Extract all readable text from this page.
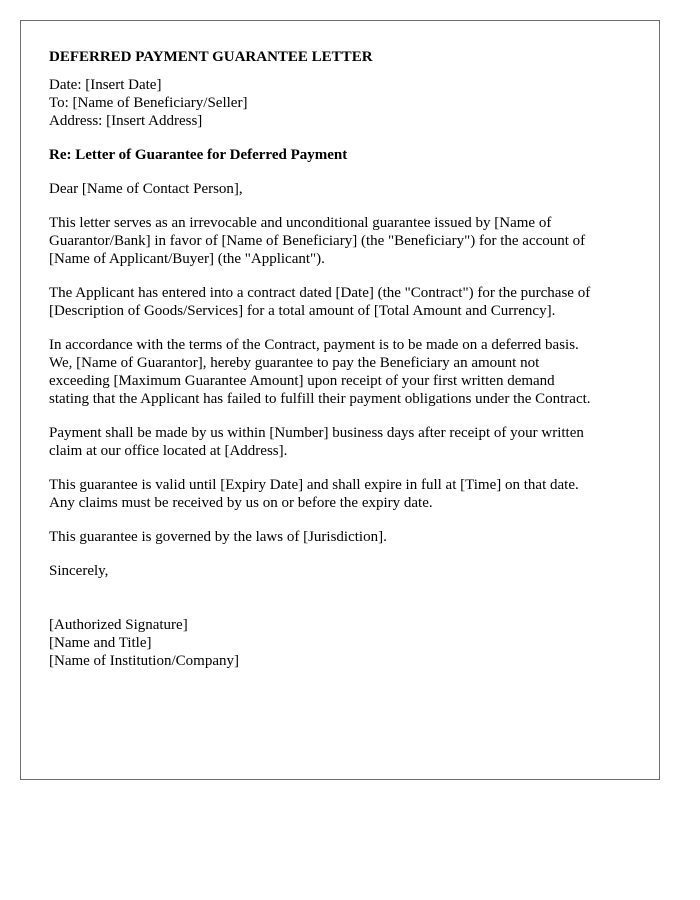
DEFERRED PAYMENT GUARANTEE LETTER
Date: [Insert Date]
To: [Name of Beneficiary/Seller]
Address: [Insert Address]
Re: Letter of Guarantee for Deferred Payment
Dear [Name of Contact Person],
This letter serves as an irrevocable and unconditional guarantee issued by [Name of
Guarantor/Bank] in favor of [Name of Beneficiary] (the "Beneficiary") for the account of
[Name of Applicant/Buyer] (the "Applicant").
The Applicant has entered into a contract dated [Date] (the "Contract") for the purchase of
[Description of Goods/Services] for a total amount of [Total Amount and Currency].
In accordance with the terms of the Contract, payment is to be made on a deferred basis.
We, [Name of Guarantor], hereby guarantee to pay the Beneficiary an amount not
exceeding [Maximum Guarantee Amount] upon receipt of your first written demand
stating that the Applicant has failed to fulfill their payment obligations under the Contract.
Payment shall be made by us within [Number] business days after receipt of your written
claim at our office located at [Address].
This guarantee is valid until [Expiry Date] and shall expire in full at [Time] on that date.
Any claims must be received by us on or before the expiry date.
This guarantee is governed by the laws of [Jurisdiction].
Sincerely,
[Authorized Signature]
[Name and Title]
[Name of Institution/Company]
